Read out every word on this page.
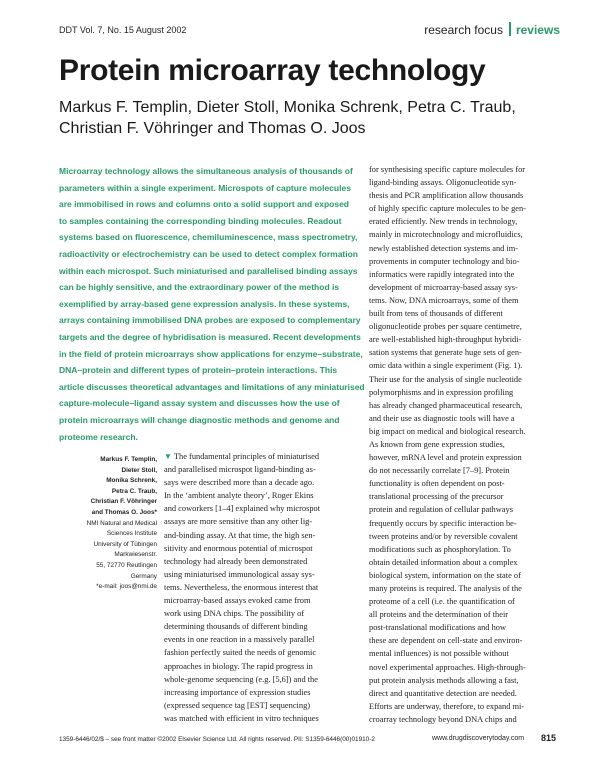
DDT Vol. 7, No. 15 August 2002	research focus reviews
Protein microarray technology
Markus F. Templin, Dieter Stoll, Monika Schrenk, Petra C. Traub,
Christian F. Vöhringer and Thomas O. Joos

Microarray technology allows the simultaneous analysis of thousands of

parameters within a single experiment. Microspots of capture molecules

are immobilised in rows and columns onto a solid support and exposed

to samples containing the corresponding binding molecules. Readout

systems based on fluorescence, chemiluminescence, mass spectrometry,

radioactivity or electrochemistry can be used to detect complex formation

within each microspot. Such miniaturised and parallelised binding assays

can be highly sensitive, and the extraordinary power of the method is

exemplified by array-based gene expression analysis. In these systems,

arrays containing immobilised DNA probes are exposed to complementary

targets and the degree of hybridisation is measured. Recent developments

in the field of protein microarrays show applications for enzyme–substrate,

DNA–protein and different types of protein–protein interactions. This

article discusses theoretical advantages and limitations of any miniaturised

capture-molecule–ligand assay system and discusses how the use of

protein microarrays will change diagnostic methods and genome and

proteome research.

Markus F. Templin,

Dieter Stoll,

Monika Schrenk,

Petra C. Traub,

Christian F. Vöhringer

and Thomas O. Joos*

NMI Natural and Medical

Sciences Institute

University of Tübingen

Markwiesenstr.

55, 72770 Reutlingen

Germany

*e-mail: joos@nmi.de

▼ The fundamental principles of miniaturised

and parallelised microspot ligand-binding as-

says were described more than a decade ago.

In the ‘ambient analyte theory’, Roger Ekins

and coworkers [1–4] explained why microspot

assays are more sensitive than any other lig-

and-binding assay. At that time, the high sen-

sitivity and enormous potential of microspot

technology had already been demonstrated

using miniaturised immunological assay sys-

tems. Nevertheless, the enormous interest that

microarray-based assays evoked came from

work using DNA chips. The possibility of

determining thousands of different binding

events in one reaction in a massively parallel

fashion perfectly suited the needs of genomic

approaches in biology. The rapid progress in

whole-genome sequencing (e.g. [5,6]) and the

increasing importance of expression studies

(expressed sequence tag [EST] sequencing)

was matched with efficient in vitro techniques

for synthesising specific capture molecules for

ligand-binding assays. Oligonucleotide syn-

thesis and PCR amplification allow thousands

of highly specific capture molecules to be gen-

erated efficiently. New trends in technology,

mainly in microtechnology and microfluidics,

newly established detection systems and im-

provements in computer technology and bio-

informatics were rapidly integrated into the

development of microarray-based assay sys-

tems. Now, DNA microarrays, some of them

built from tens of thousands of different

oligonucleotide probes per square centimetre,

are well-established high-throughput hybridi-

sation systems that generate huge sets of gen-

omic data within a single experiment (Fig. 1).

Their use for the analysis of single nucleotide

polymorphisms and in expression profiling

has already changed pharmaceutical research,

and their use as diagnostic tools will have a

big impact on medical and biological research.

As known from gene expression studies,

however, mRNA level and protein expression

do not necessarily correlate [7–9]. Protein

functionality is often dependent on post-

translational processing of the precursor

protein and regulation of cellular pathways

frequently occurs by specific interaction be-

tween proteins and/or by reversible covalent

modifications such as phosphorylation. To

obtain detailed information about a complex

biological system, information on the state of

many proteins is required. The analysis of the

proteome of a cell (i.e. the quantification of

all proteins and the determination of their

post-translational modifications and how

these are dependent on cell-state and environ-

mental influences) is not possible without

novel experimental approaches. High-through-

put protein analysis methods allowing a fast,

direct and quantitative detection are needed.

Efforts are underway, therefore, to expand mi-

croarray technology beyond DNA chips and

1359-6446/02/$ – see front matter ©2002 Elsevier Science Ltd. All rights reserved. PII: S1359-6446(00)01910-2	www.drugdiscoverytoday.com 815
